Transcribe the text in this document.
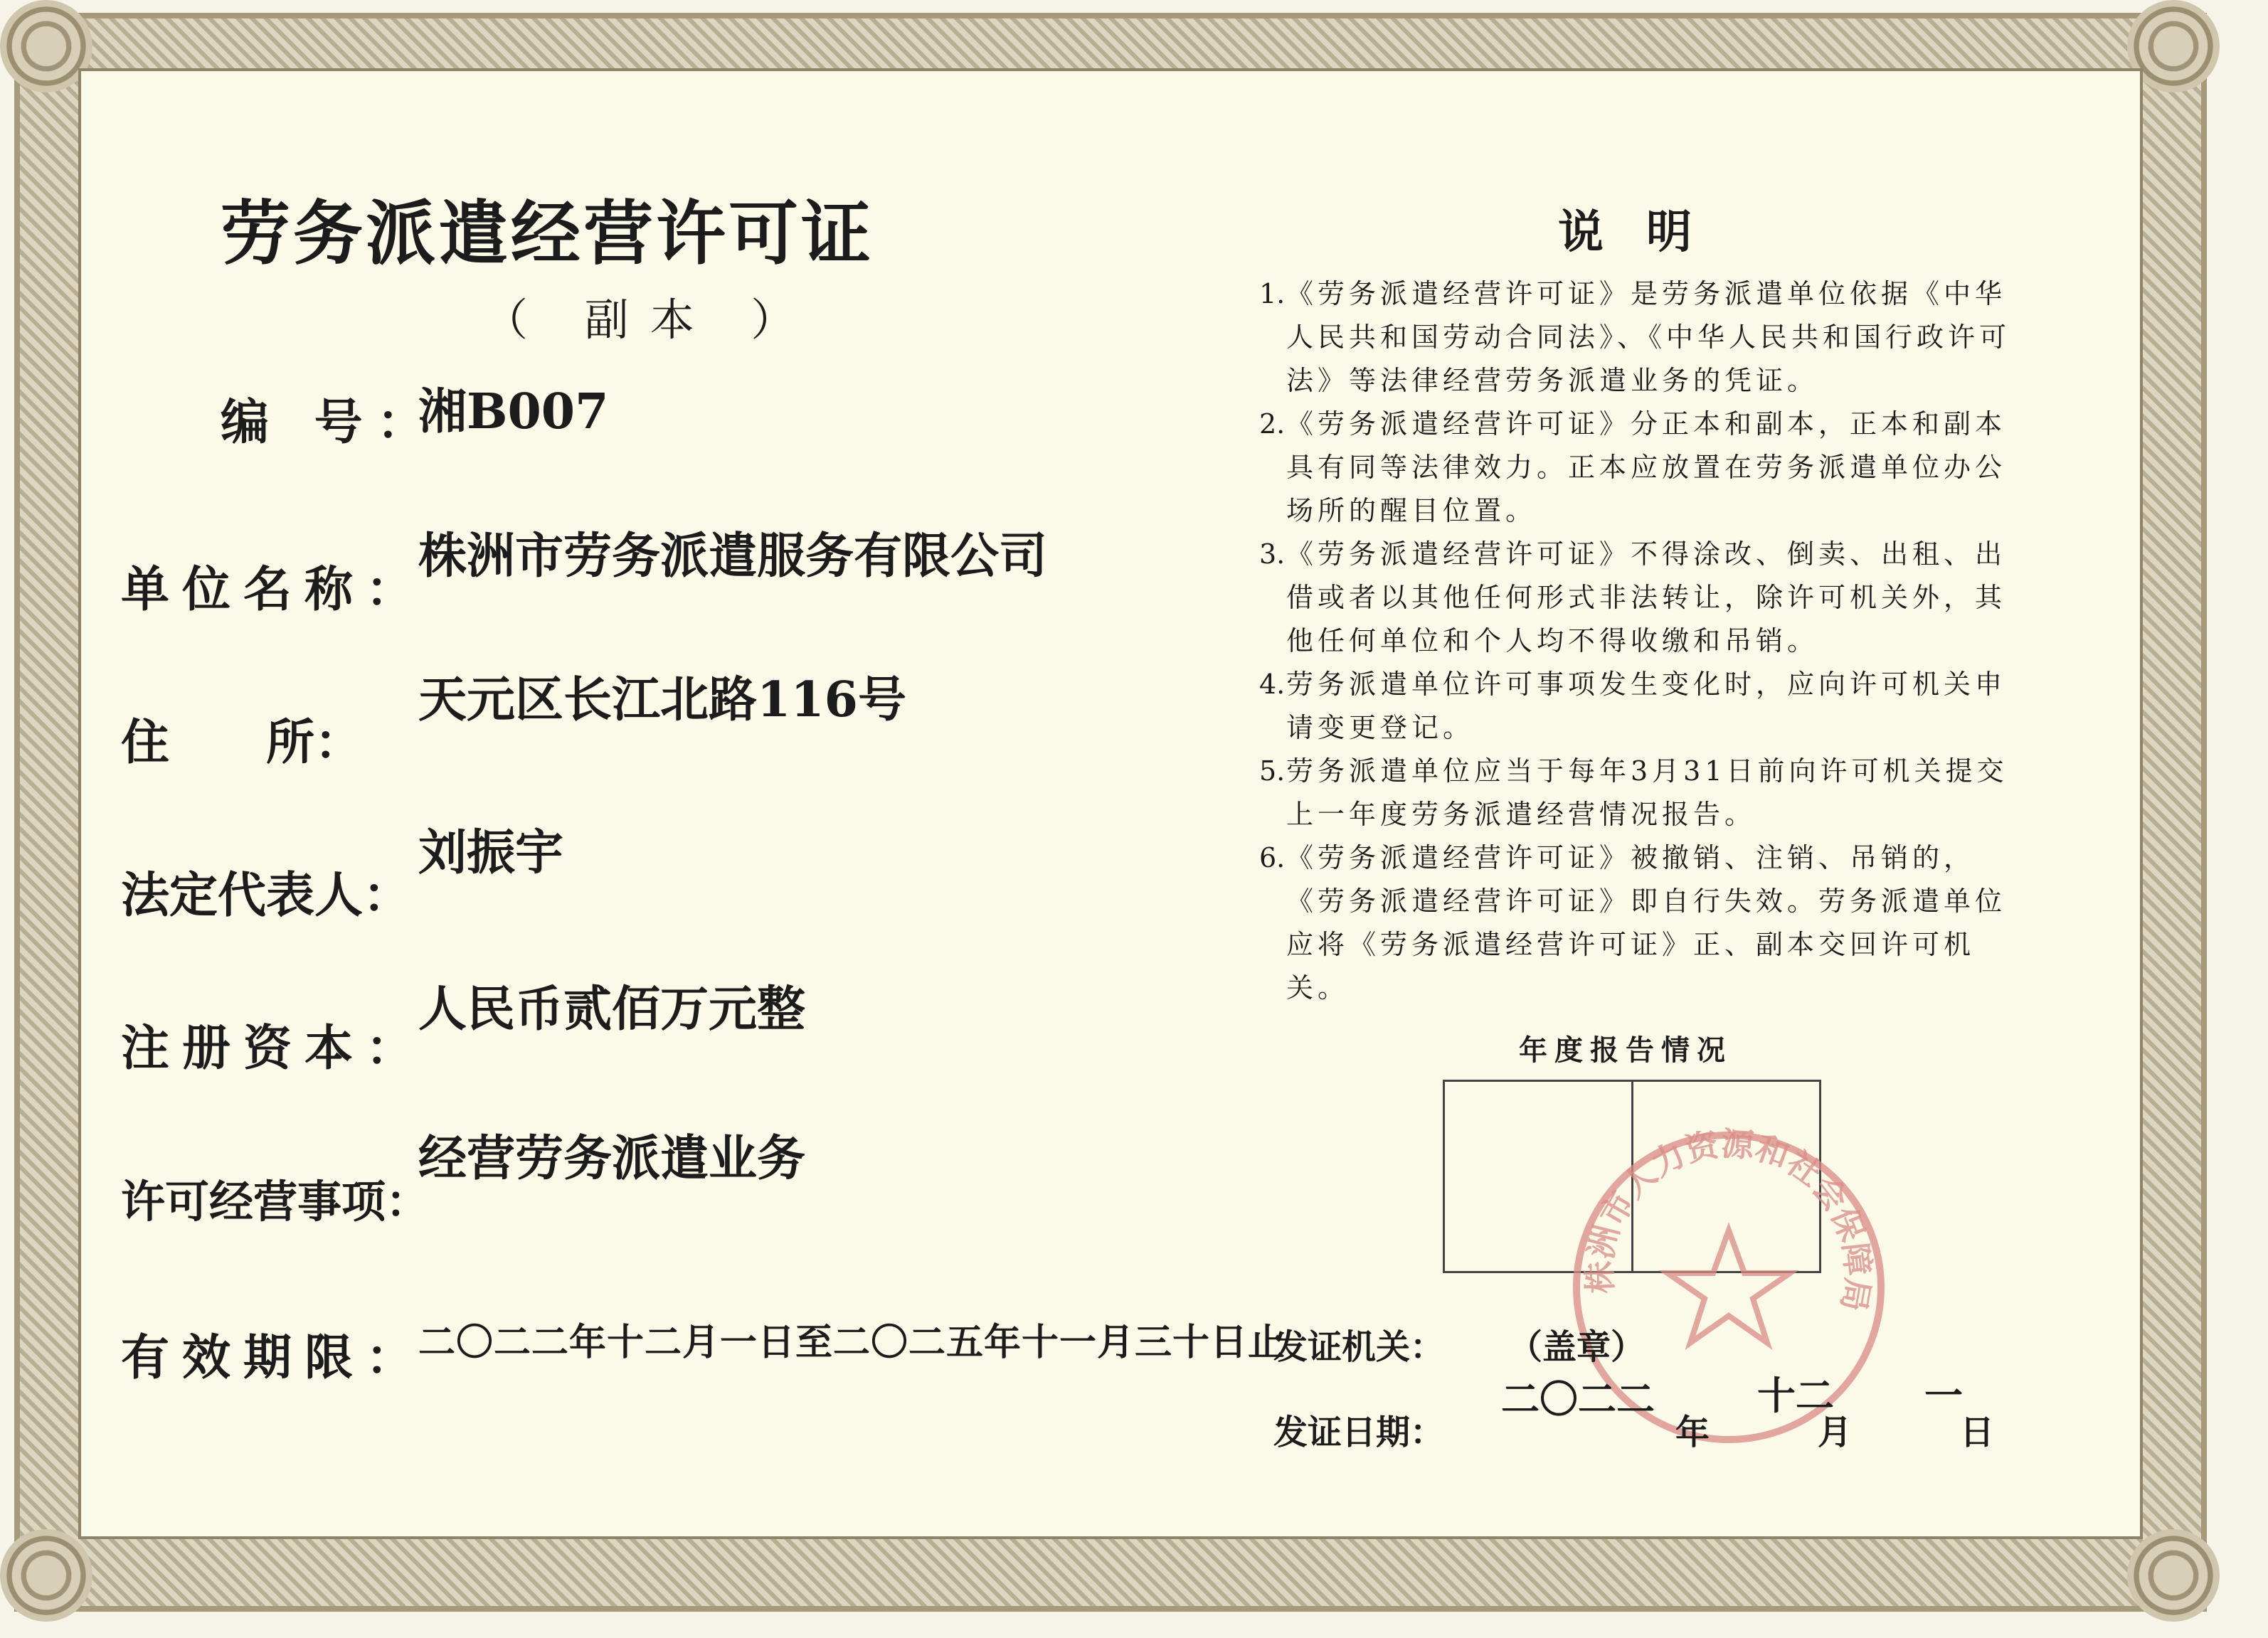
劳务派遣经营许可证
（ 副本 ）
编 号：
湘B007
单位名称：
株洲市劳务派遣服务有限公司
住　　所：
天元区长江北路116号
法定代表人：
刘振宇
注册资本：
人民币贰佰万元整
许可经营事项：
经营劳务派遣业务
有效期限：
二〇二二年十二月一日至二〇二五年十一月三十日止
说明
1. 《劳务派遣经营许可证》是劳务派遣单位依据《中华人民共和国劳动合同法》、《中华人民共和国行政许可法》等法律经营劳务派遣业务的凭证。
2. 《劳务派遣经营许可证》分正本和副本，正本和副本具有同等法律效力。正本应放置在劳务派遣单位办公场所的醒目位置。
3. 《劳务派遣经营许可证》不得涂改、倒卖、出租、出借或者以其他任何形式非法转让，除许可机关外，其他任何单位和个人均不得收缴和吊销。
4. 劳务派遣单位许可事项发生变化时，应向许可机关申请变更登记。
5. 劳务派遣单位应当于每年3月31日前向许可机关提交上一年度劳务派遣经营情况报告。
6. 《劳务派遣经营许可证》被撤销、注销、吊销的，《劳务派遣经营许可证》即自行失效。劳务派遣单位应将《劳务派遣经营许可证》正、副本交回许可机关。
年度报告情况
株洲市人力资源和社会保障局
发证机关： （盖章）
发证日期：
二〇二二
年
十二
月
一
日
